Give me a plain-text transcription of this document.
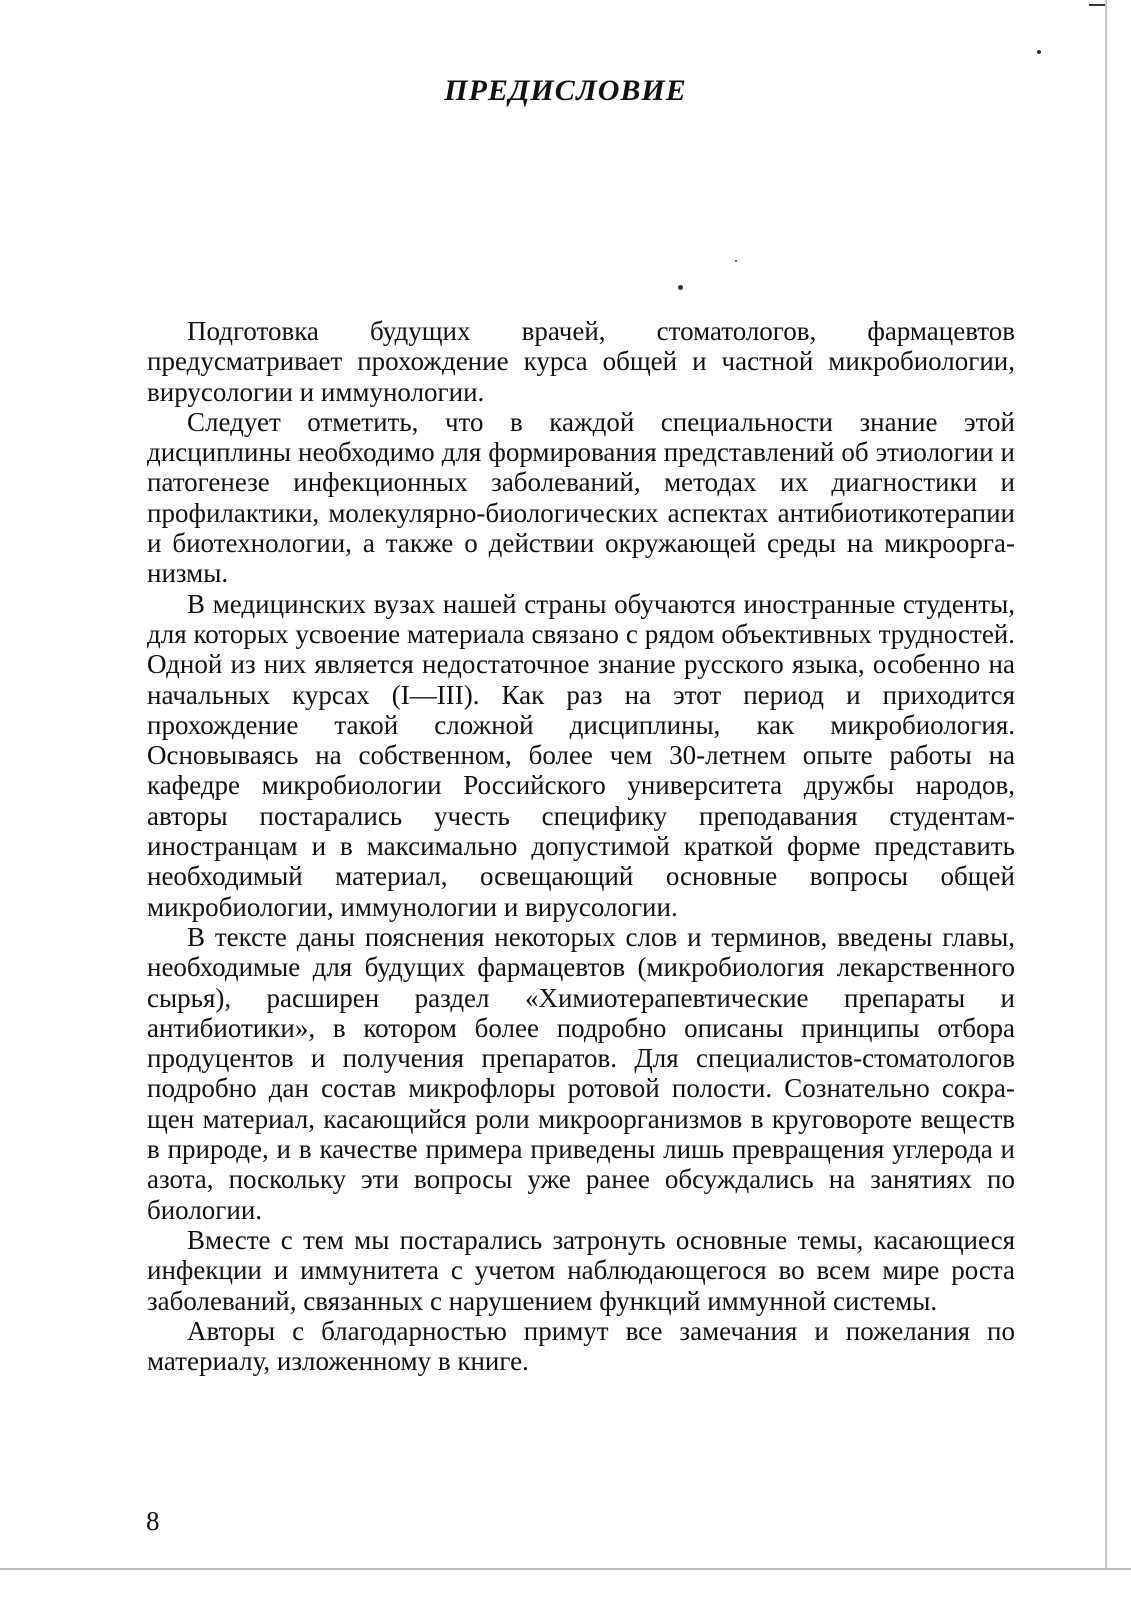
ПРЕДИСЛОВИЕ

Подготовка будущих врачей, стоматологов, фармацевтов предусматривает прохождение курса общей и частной микробиологии, вирусологии и иммунологии.

Следует отметить, что в каждой специальности знание этой дисциплины необходимо для формирования представлений об этиологии и патогенезе инфекционных заболеваний, методах их диагностики и профилактики, молекулярно-биологических аспектах антибиотикотерапии и биотехнологии, а также о действии окружающей среды на микроорганизмы.

В медицинских вузах нашей страны обучаются иностранные студенты, для которых усвоение материала связано с рядом объективных трудностей. Одной из них является недостаточное знание русского языка, особенно на начальных курсах (I—III). Как раз на этот период и приходится прохождение такой сложной дисциплины, как микробиология. Основываясь на собственном, более чем 30-летнем опыте работы на кафедре микробиологии Российского университета дружбы народов, авторы постарались учесть специфику преподавания студентам-иностранцам и в максимально допустимой краткой форме представить необходимый материал, освещающий основные вопросы общей микробиологии, иммунологии и вирусологии.

В тексте даны пояснения некоторых слов и терминов, введены главы, необходимые для будущих фармацевтов (микробиология лекарственного сырья), расширен раздел «Химиотерапевтические препараты и антибиотики», в котором более подробно описаны принципы отбора продуцентов и получения препаратов. Для специалистов-стоматологов подробно дан состав микрофлоры ротовой полости. Сознательно сокращен материал, касающийся роли микроорганизмов в круговороте веществ в природе, и в качестве примера приведены лишь превращения углерода и азота, поскольку эти вопросы уже ранее обсуждались на занятиях по биологии.

Вместе с тем мы постарались затронуть основные темы, касающиеся инфекции и иммунитета с учетом наблюдающегося во всем мире роста заболеваний, связанных с нарушением функций иммунной системы.

Авторы с благодарностью примут все замечания и пожелания по материалу, изложенному в книге.

8
